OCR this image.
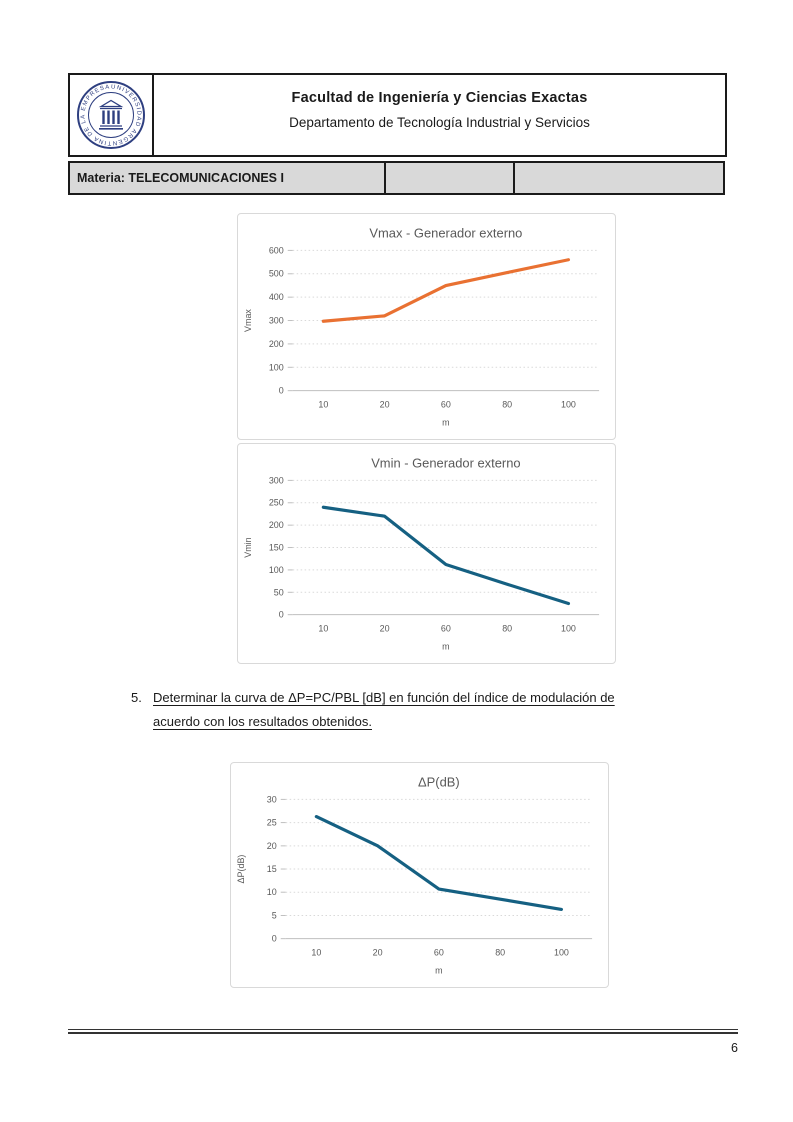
UNIVERSIDAD ARGENTINA DE LA EMPRESA
Facultad de Ingeniería y Ciencias Exactas
Departamento de Tecnología Industrial y Servicios
Materia: TELECOMUNICACIONES I
0
100
200
300
400
500
600
10	20	60	80	100
Vmax - Generador externo
m
Vmax
0
50
100
150
200
250
300
10	20	60	80	100
Vmin - Generador externo
m
Vmin
5. Determinar la curva de ΔP=PC/PBL [dB] en función del índice de modulación de
acuerdo con los resultados obtenidos.
0
5
10
15
20
25
30
10	20	60	80	100
ΔP(dB)
m
ΔP(dB)
6
